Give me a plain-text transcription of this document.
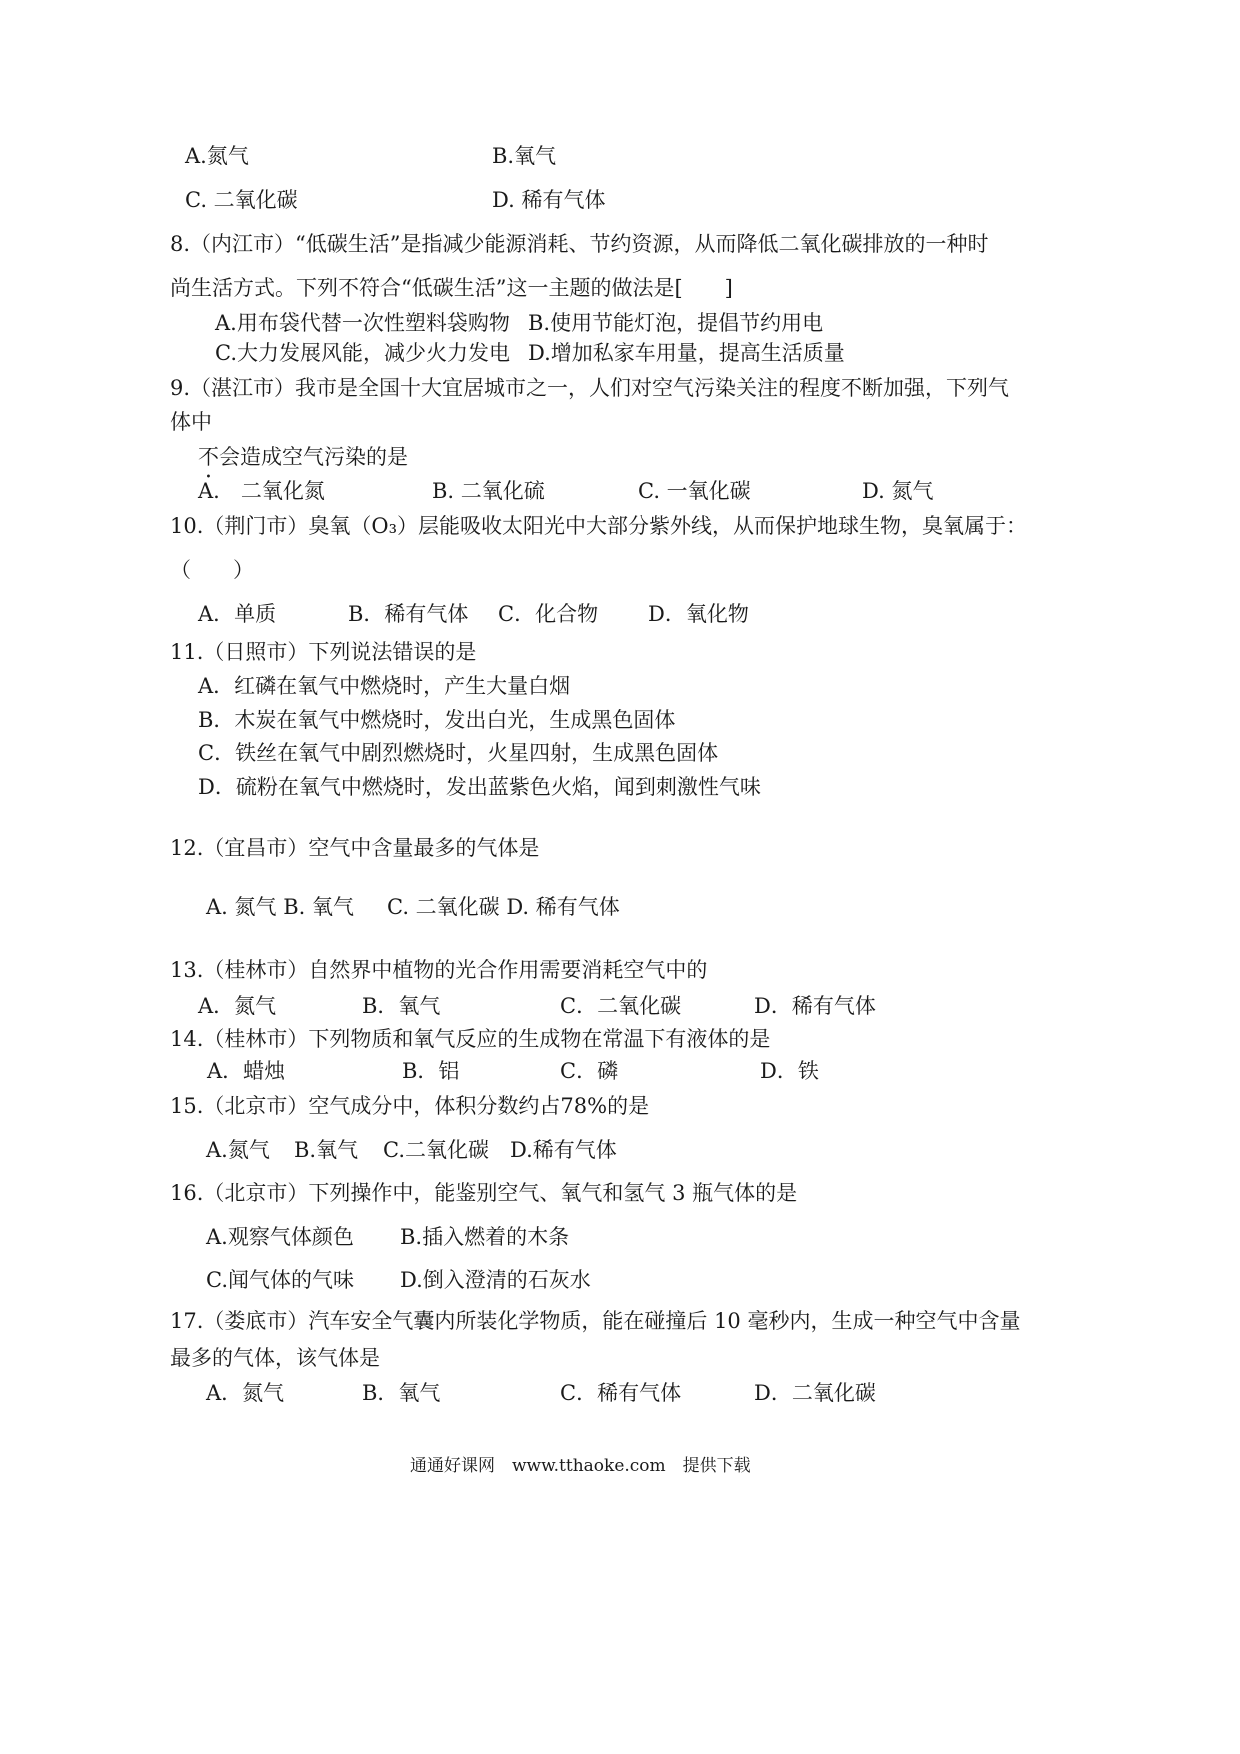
A.氮气	B.氧气
C. 二氧化碳	D. 稀有气体
8.（内江市）“低碳生活”是指减少能源消耗、节约资源，从而降低二氧化碳排放的一种时
尚生活方式。下列不符合“低碳生活”这一主题的做法是[　　]
A.用布袋代替一次性塑料袋购物 B.使用节能灯泡，提倡节约用电
C.大力发展风能，减少火力发电 D.增加私家车用量，提高生活质量
9.（湛江市）我市是全国十大宜居城市之一，人们对空气污染关注的程度不断加强，下列气
体中
不会造成空气污染的是
A.　二氧化氮	B. 二氧化硫	C. 一氧化碳	D. 氮气
10.（荆门市）臭氧（O₃）层能吸收太阳光中大部分紫外线，从而保护地球生物，臭氧属于：
（　　）
A．单质	B．稀有气体 C．化合物 D．氧化物
11.（日照市）下列说法错误的是
A．红磷在氧气中燃烧时，产生大量白烟
B．木炭在氧气中燃烧时，发出白光，生成黑色固体
C．铁丝在氧气中剧烈燃烧时，火星四射，生成黑色固体
D．硫粉在氧气中燃烧时，发出蓝紫色火焰，闻到刺激性气味
12.（宜昌市）空气中含量最多的气体是
A. 氮气 B. 氧气 C. 二氧化碳 D. 稀有气体
13.（桂林市）自然界中植物的光合作用需要消耗空气中的
A．氮气	B．氧气	C．二氧化碳	D．稀有气体
14.（桂林市）下列物质和氧气反应的生成物在常温下有液体的是
A．蜡烛	B．铝	C．磷	D．铁
15.（北京市）空气成分中，体积分数约占78%的是
A.氮气 B.氧气 C.二氧化碳 D.稀有气体
16.（北京市）下列操作中，能鉴别空气、氧气和氢气 3 瓶气体的是
A.观察气体颜色 B.插入燃着的木条
C.闻气体的气味 D.倒入澄清的石灰水
17.（娄底市）汽车安全气囊内所装化学物质，能在碰撞后 10 毫秒内，生成一种空气中含量
最多的气体，该气体是
A．氮气	B．氧气	C．稀有气体	D．二氧化碳
通通好课网　www.tthaoke.com　提供下载
